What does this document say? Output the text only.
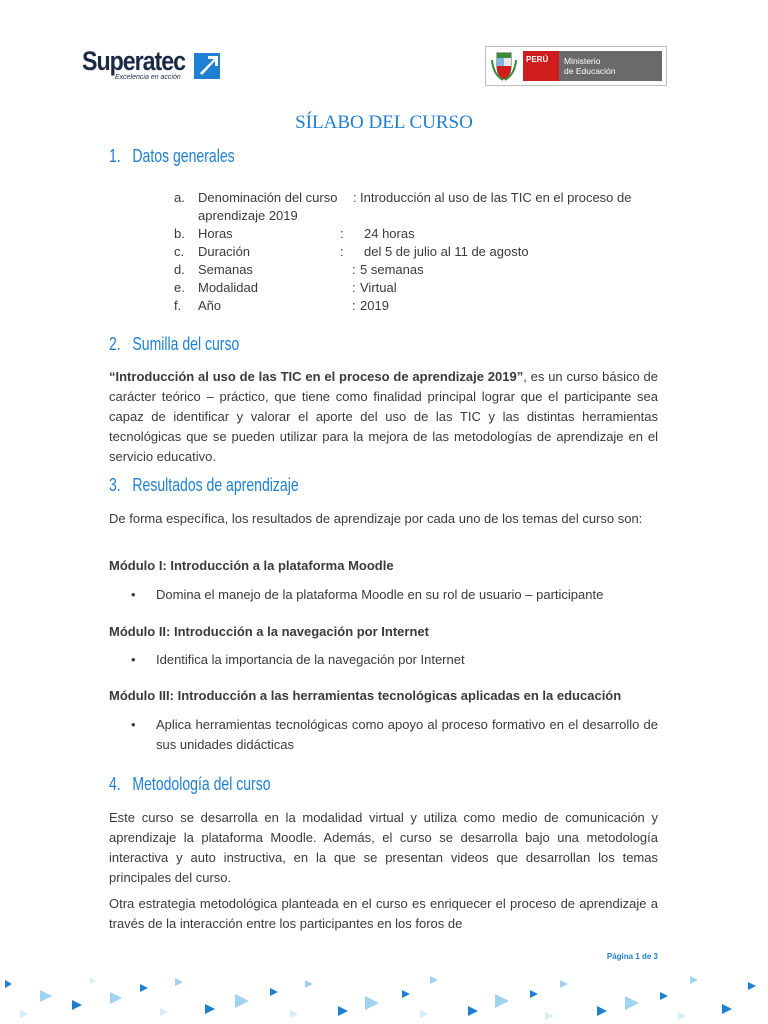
Superatec
Excelencia en acción
PERÚ	Ministerio
de Educación
SÍLABO DEL CURSO
1. Datos generales
a. Denominación del curso : Introducción al uso de las TIC en el proceso de
aprendizaje 2019
b. Horas	: 24 horas
c. Duración	: del 5 de julio al 11 de agosto
d. Semanas	: 5 semanas
e. Modalidad	: Virtual
f. Año	: 2019
2. Sumilla del curso
“Introducción al uso de las TIC en el proceso de aprendizaje 2019”, es un curso básico de carácter teórico – práctico, que tiene como finalidad principal lograr que el participante sea capaz de identificar y valorar el aporte del uso de las TIC y las distintas herramientas tecnológicas que se pueden utilizar para la mejora de las metodologías de aprendizaje en el servicio educativo.
3. Resultados de aprendizaje
De forma específica, los resultados de aprendizaje por cada uno de los temas del curso son:
Módulo I: Introducción a la plataforma Moodle
• Domina el manejo de la plataforma Moodle en su rol de usuario – participante
Módulo II: Introducción a la navegación por Internet
• Identifica la importancia de la navegación por Internet
Módulo III: Introducción a las herramientas tecnológicas aplicadas en la educación
• Aplica herramientas tecnológicas como apoyo al proceso formativo en el desarrollo de sus unidades didácticas
4. Metodología del curso
Este curso se desarrolla en la modalidad virtual y utiliza como medio de comunicación y aprendizaje la plataforma Moodle. Además, el curso se desarrolla bajo una metodología interactiva y auto instructiva, en la que se presentan videos que desarrollan los temas principales del curso.
Otra estrategia metodológica planteada en el curso es enriquecer el proceso de aprendizaje a través de la interacción entre los participantes en los foros de
Página 1 de 3
